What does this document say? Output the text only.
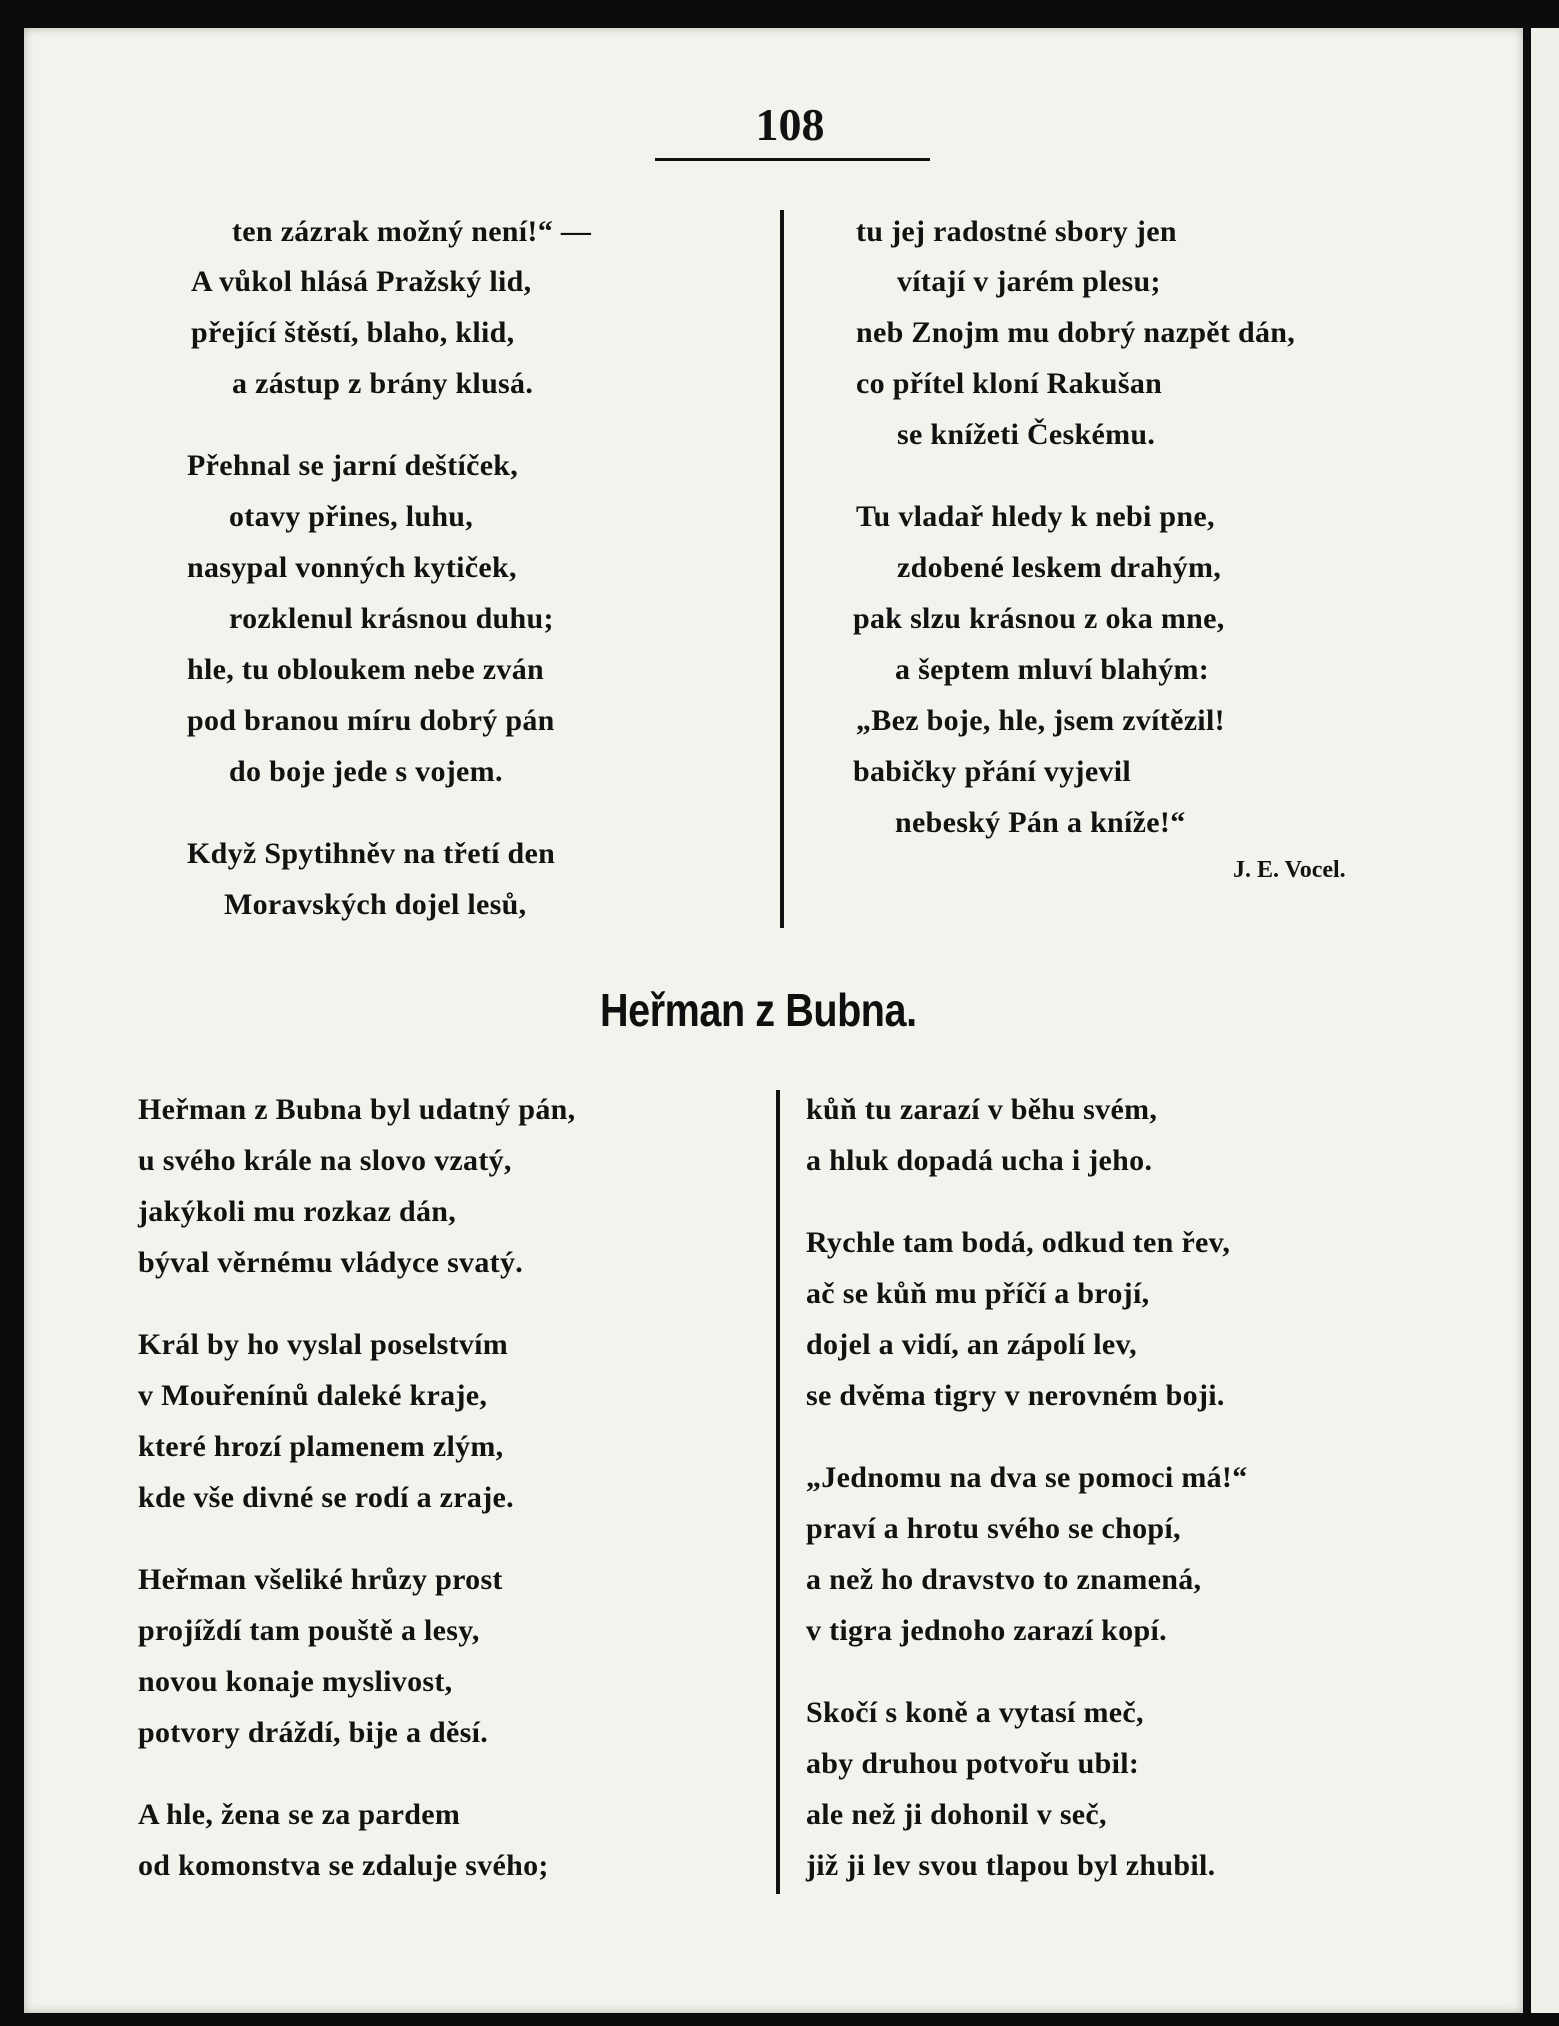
108
ten zázrak možný není!“ —
A vůkol hlásá Pražský lid,
přející štěstí, blaho, klid,
a zástup z brány klusá.
Přehnal se jarní deštíček,
otavy přines, luhu,
nasypal vonných kytiček,
rozklenul krásnou duhu;
hle, tu obloukem nebe zván
pod branou míru dobrý pán
do boje jede s vojem.
Když Spytihněv na třetí den
Moravských dojel lesů,
tu jej radostné sbory jen
vítají v jarém plesu;
neb Znojm mu dobrý nazpět dán,
co přítel kloní Rakušan
se knížeti Českému.
Tu vladař hledy k nebi pne,
zdobené leskem drahým,
pak slzu krásnou z oka mne,
a šeptem mluví blahým:
„Bez boje, hle, jsem zvítězil!
babičky přání vyjevil
nebeský Pán a kníže!“
J. E. Vocel.
Heřman z Bubna.
Heřman z Bubna byl udatný pán,
u svého krále na slovo vzatý,
jakýkoli mu rozkaz dán,
býval věrnému vládyce svatý.
Král by ho vyslal poselstvím
v Mouřenínů daleké kraje,
které hrozí plamenem zlým,
kde vše divné se rodí a zraje.
Heřman všeliké hrůzy prost
projíždí tam pouště a lesy,
novou konaje myslivost,
potvory dráždí, bije a děsí.
A hle, žena se za pardem
od komonstva se zdaluje svého;
kůň tu zarazí v běhu svém,
a hluk dopadá ucha i jeho.
Rychle tam bodá, odkud ten řev,
ač se kůň mu příčí a brojí,
dojel a vidí, an zápolí lev,
se dvěma tigry v nerovném boji.
„Jednomu na dva se pomoci má!“
praví a hrotu svého se chopí,
a než ho dravstvo to znamená,
v tigra jednoho zarazí kopí.
Skočí s koně a vytasí meč,
aby druhou potvořu ubil:
ale než ji dohonil v seč,
již ji lev svou tlapou byl zhubil.
